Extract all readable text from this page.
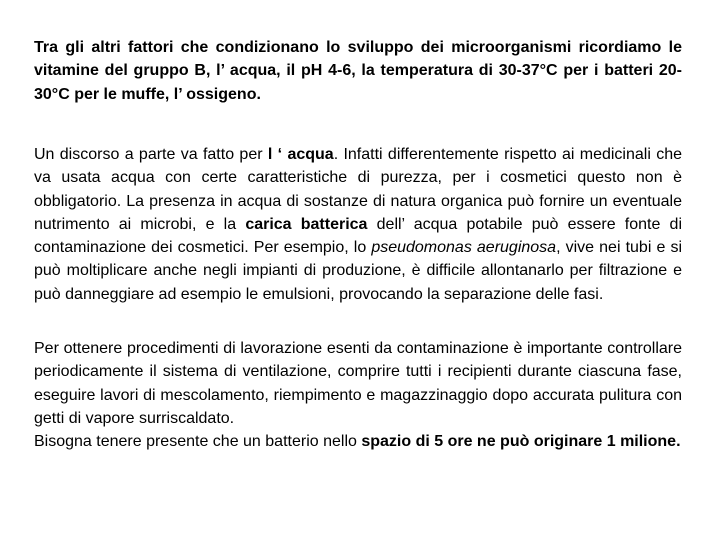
Tra gli altri fattori che condizionano lo sviluppo dei microorganismi ricordiamo le vitamine del gruppo B, l’ acqua, il pH 4-6, la temperatura di 30-37°C per i batteri 20-30°C per le muffe, l’ ossigeno.

Un discorso a parte va fatto per l ‘ acqua. Infatti differentemente rispetto ai medicinali che va usata acqua con certe caratteristiche di purezza, per i cosmetici questo non è obbligatorio. La presenza in acqua di sostanze di natura organica può fornire un eventuale nutrimento ai microbi, e la carica batterica dell’ acqua potabile può essere fonte di contaminazione dei cosmetici. Per esempio, lo pseudomonas aeruginosa, vive nei tubi e si può moltiplicare anche negli impianti di produzione, è difficile allontanarlo per filtrazione e può danneggiare ad esempio le emulsioni, provocando la separazione delle fasi.

Per ottenere procedimenti di lavorazione esenti da contaminazione è importante controllare periodicamente il sistema di ventilazione, comprire tutti i recipienti durante ciascuna fase, eseguire lavori di mescolamento, riempimento e magazzinaggio dopo accurata pulitura con getti di vapore surriscaldato.
Bisogna tenere presente che un batterio nello spazio di 5 ore ne può originare 1 milione.
